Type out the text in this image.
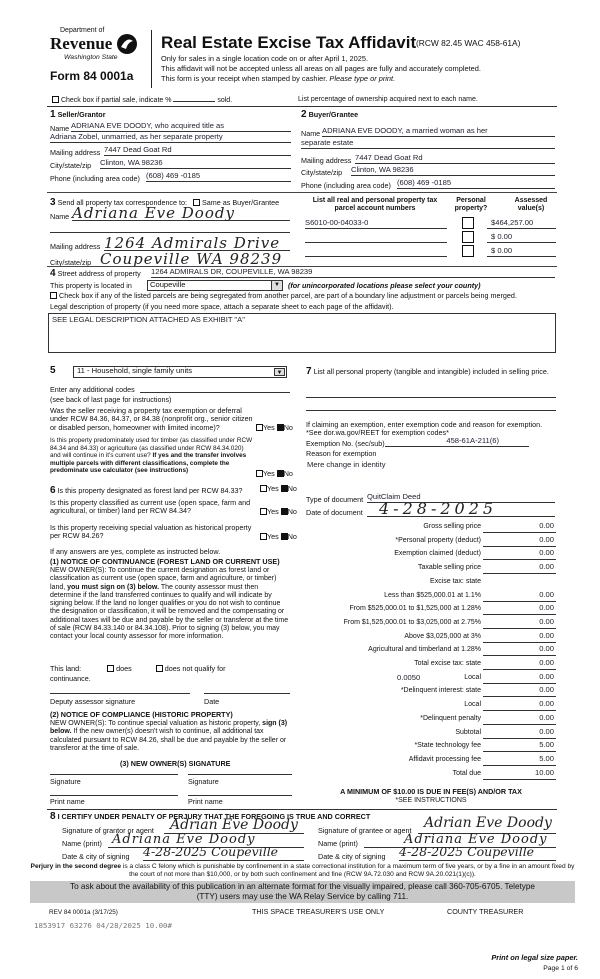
Department of
Revenue
Washington State
Form 84 0001a
Real Estate Excise Tax Affidavit (RCW 82.45 WAC 458-61A)
Only for sales in a single location code on or after April 1, 2025.
This affidavit will not be accepted unless all areas on all pages are fully and accurately completed.
This form is your receipt when stamped by cashier. Please type or print.
Check box if partial sale, indicate %	sold.	List percentage of ownership acquired next to each name.
1 Seller/Grantor
Name ADRIANA EVE DOODY, who acquired title as
Adriana Zobel, unmarried, as her separate property
Mailing address 7447 Dead Goat Rd
City/state/zip Clinton, WA 98236
Phone (including area code) (608) 469 -0185
2 Buyer/Grantee
Name ADRIANA EVE DOODY, a married woman as her
separate estate
Mailing address 7447 Dead Goat Rd
City/state/zip Clinton, WA 98236
Phone (including area code) (608) 469 -0185
3 Send all property tax correspondence to: Same as Buyer/Grantee
Name Adriana Eve Doody
Mailing address 1264 Admirals Drive
City/state/zip Coupeville WA 98239
List all real and personal property tax parcel account numbers
Personal property?
Assessed value(s)
S6010-00-04033-0	$464,257.00
$ 0.00
$ 0.00
4 Street address of property 1264 ADMIRALS DR, COUPEVILLE, WA 98239
This property is located in	Coupeville	▼ (for unincorporated locations please select your county)
Check box if any of the listed parcels are being segregated from another parcel, are part of a boundary line adjustment or parcels being merged.
Legal description of property (if you need more space, attach a separate sheet to each page of the affidavit).
SEE LEGAL DESCRIPTION ATTACHED AS EXHIBIT "A"
5	11 - Household, single family units	▼
Enter any additional codes
(see back of last page for instructions)
Was the seller receiving a property tax exemption or deferral under RCW 84.36, 84.37, or 84.38 (nonprofit org., senior citizen or disabled person, homeowner with limited income)?	Yes No
Is this property predominately used for timber (as classified under RCW 84.34 and 84.33) or agriculture (as classified under RCW 84.34.020) and will continue in it's current use? If yes and the transfer involves multiple parcels with different classifications, complete the predominate use calculator (see instructions)	Yes No
6 Is this property designated as forest land per RCW 84.33?	Yes No
Is this property classified as current use (open space, farm and agricultural, or timber) land per RCW 84.34?	Yes No
Is this property receiving special valuation as historical property per RCW 84.26?	Yes No
If any answers are yes, complete as instructed below.
(1) NOTICE OF CONTINUANCE (FOREST LAND OR CURRENT USE)
NEW OWNER(S): To continue the current designation as forest land or classification as current use (open space, farm and agriculture, or timber) land, you must sign on (3) below. The county assessor must then determine if the land transferred continues to qualify and will indicate by signing below. If the land no longer qualifies or you do not wish to continue the designation or classification, it will be removed and the compensating or additional taxes will be due and payable by the seller or transferor at the time of sale (RCW 84.33.140 or 84.34.108). Prior to signing (3) below, you may contact your local county assessor for more information.
This land:	does	does not qualify for
continuance.
Deputy assessor signature	Date
(2) NOTICE OF COMPLIANCE (HISTORIC PROPERTY)
NEW OWNER(S): To continue special valuation as historic property, sign (3) below. If the new owner(s) doesn't wish to continue, all additional tax calculated pursuant to RCW 84.26, shall be due and payable by the seller or transferor at the time of sale.
(3) NEW OWNER(S) SIGNATURE
Signature	Signature
Print name	Print name
7 List all personal property (tangible and intangible) included in selling price.
If claiming an exemption, enter exemption code and reason for exemption. *See dor.wa.gov/REET for exemption codes*
Exemption No. (sec/sub)	458-61A-211(6)
Reason for exemption
Mere change in identity
Type of document QuitClaim Deed
Date of document	4-28-2025
Gross selling price	0.00
*Personal property (deduct)	0.00
Exemption claimed (deduct)	0.00
Taxable selling price	0.00
Excise tax: state
Less than $525,000.01 at 1.1%	0.00
From $525,000.01 to $1,525,000 at 1.28%	0.00
From $1,525,000.01 to $3,025,000 at 2.75%	0.00
Above $3,025,000 at 3%	0.00
Agricultural and timberland at 1.28%	0.00
Total excise tax: state	0.00
Local	0.00
0.0050
*Delinquent interest: state	0.00
Local	0.00
*Delinquent penalty	0.00
Subtotal	0.00
*State technology fee	5.00
Affidavit processing fee	5.00
Total due	10.00
A MINIMUM OF $10.00 IS DUE IN FEE(S) AND/OR TAX
*SEE INSTRUCTIONS
8 I CERTIFY UNDER PENALTY OF PERJURY THAT THE FOREGOING IS TRUE AND CORRECT
Signature of grantor or agent	Adrian Eve Doody
Name (print) Adriana Eve Doody
Date & city of signing 4-28-2025 Coupeville
Signature of grantee or agent Adrian Eve Doody
Name (print)	Adriana Eve Doody
Date & city of signing 4-28-2025 Coupeville
Perjury in the second degree is a class C felony which is punishable by confinement in a state correctional institution for a maximum term of five years, or by a fine in an amount fixed by the court of not more than $10,000, or by both such confinement and fine (RCW 9A.72.030 and RCW 9A.20.021(1)(c)).
To ask about the availability of this publication in an alternate format for the visually impaired, please call 360-705-6705. Teletype
(TTY) users may use the WA Relay Service by calling 711.
REV 84 0001a (3/17/25)	THIS SPACE TREASURER'S USE ONLY	COUNTY TREASURER
1853917 63276 04/28/2025 10.00#
Print on legal size paper.
Page 1 of 6
